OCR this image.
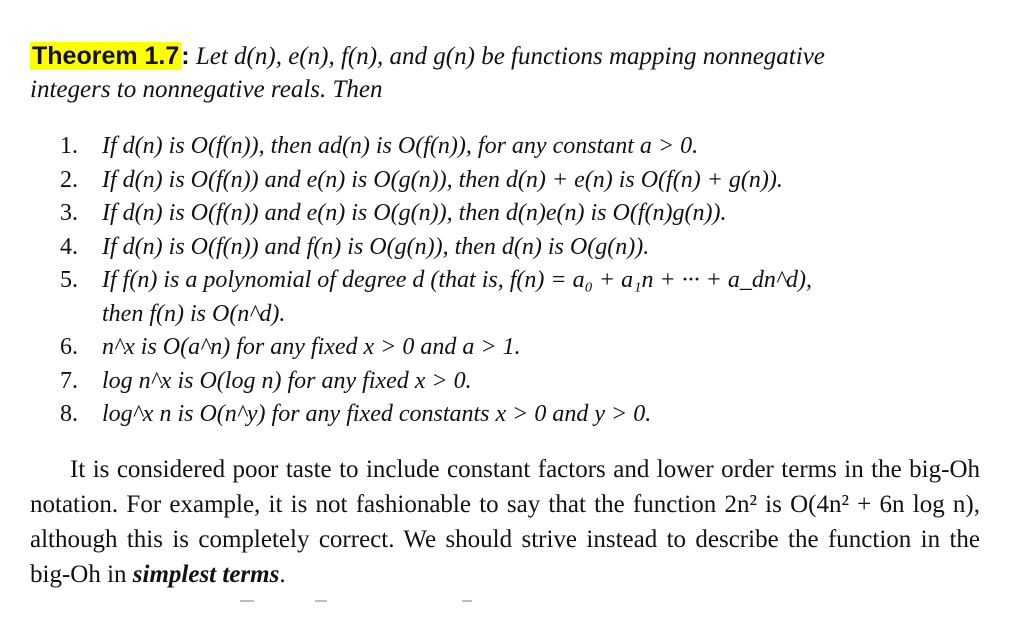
Theorem 1.7: Let d(n), e(n), f(n), and g(n) be functions mapping nonnegative
integers to nonnegative reals. Then
1.	If d(n) is O(f(n)), then ad(n) is O(f(n)), for any constant a > 0.
2.	If d(n) is O(f(n)) and e(n) is O(g(n)), then d(n) + e(n) is O(f(n) + g(n)).
3.	If d(n) is O(f(n)) and e(n) is O(g(n)), then d(n)e(n) is O(f(n)g(n)).
4.	If d(n) is O(f(n)) and f(n) is O(g(n)), then d(n) is O(g(n)).
5.	If f(n) is a polynomial of degree d (that is, f(n) = a₀ + a₁n + ··· + a_dn^d),
then f(n) is O(n^d).
6.	n^x is O(a^n) for any fixed x > 0 and a > 1.
7.	log n^x is O(log n) for any fixed x > 0.
8.	log^x n is O(n^y) for any fixed constants x > 0 and y > 0.
It is considered poor taste to include constant factors and lower order terms in the big-Oh notation. For example, it is not fashionable to say that the function 2n² is O(4n² + 6n log n), although this is completely correct. We should strive instead to describe the function in the big-Oh in simplest terms.
